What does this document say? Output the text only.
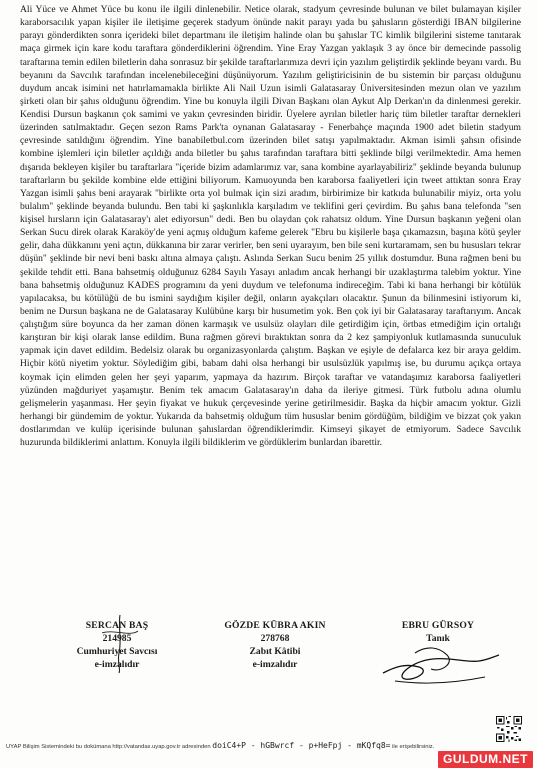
Ali Yüce ve Ahmet Yüce bu konu ile ilgili dinlenebilir. Netice olarak, stadyum çevresinde bulunan ve bilet bulamayan kişiler karaborsacılık yapan kişiler ile iletişime geçerek stadyum önünde nakit parayı yada bu şahısların gösterdiği IBAN bilgilerine parayı gönderdikten sonra içerideki bilet departmanı ile iletişim halinde olan bu şahıslar TC kimlik bilgilerini sisteme tanıtarak maça girmek için kare kodu taraftara gönderdiklerini öğrendim. Yine Eray Yazgan yaklaşık 3 ay önce bir demecinde passolig taraftarına temin edilen biletlerin daha sonrasuz bir şekilde taraftarlarımıza devri için yazılım geliştirdik şeklinde beyanı vardı. Bu beyanını da Savcılık tarafından incelenebileceğini düşünüyorum. Yazılım geliştiricisinin de bu sistemin bir parçası olduğunu duydum ancak isimini net hatırlamamakla birlikte Ali Nail Uzun isimli Galatasaray Üniversitesinden mezun olan ve yazılım şirketi olan bir şahıs olduğunu öğrendim. Yine bu konuyla ilgili Divan Başkanı olan Aykut Alp Derkan'ın da dinlenmesi gerekir. Kendisi Dursun başkanın çok samimi ve yakın çevresinden biridir. Üyelere ayrılan biletler hariç tüm biletler taraftar dernekleri üzerinden satılmaktadır. Geçen sezon Rams Park'ta oynanan Galatasaray - Fenerbahçe maçında 1900 adet biletin stadyum çevresinde satıldığını öğrendim. Yine banabiletbul.com üzerinden bilet satışı yapılmaktadır. Akman isimli şahsın ofisinde kombine işlemleri için biletler açıldığı anda biletler bu şahıs tarafından taraftara bitti şeklinde bilgi verilmektedir. Ama hemen dışarıda bekleyen kişiler bu taraftarlara "içeride bizim adamlarımız var, sana kombine ayarlayabiliriz" şeklinde beyanda bulunup taraftarların bu şekilde kombine elde ettiğini biliyorum. Kamuoyunda ben karaborsa faaliyetleri için tweet attıktan sonra Eray Yazgan isimli şahıs beni arayarak "birlikte orta yol bulmak için sizi aradım, birbirimize bir katkıda bulunabilir miyiz, orta yolu bulalım" şeklinde beyanda bulundu. Ben tabi ki şaşkınlıkla karşıladım ve teklifini geri çevirdim. Bu şahıs bana telefonda "sen kişisel hırsların için Galatasaray'ı alet ediyorsun" dedi. Ben bu olaydan çok rahatsız oldum. Yine Dursun başkanın yeğeni olan Serkan Sucu direk olarak Karaköy'de yeni açmış olduğum kafeme gelerek "Ebru bu kişilerle başa çıkamazsın, başına kötü şeyler gelir, daha dükkanını yeni açtın, dükkanına bir zarar verirler, ben seni uyarayım, ben bile seni kurtaramam, sen bu hususları tekrar düşün" şeklinde bir nevi beni baskı altına almaya çalıştı. Aslında Serkan Sucu benim 25 yıllık dostumdur. Buna rağmen beni bu şekilde tehdit etti. Bana bahsetmiş olduğunuz 6284 Sayılı Yasayı anladım ancak herhangi bir uzaklaştırma talebim yoktur. Yine bana bahsetmiş olduğunuz KADES programını da yeni duydum ve telefonuma indireceğim. Tabi ki bana herhangi bir kötülük yapılacaksa, bu kötülüğü de bu ismini saydığım kişiler değil, onların ayakçıları olacaktır. Şunun da bilinmesini istiyorum ki, benim ne Dursun başkana ne de Galatasaray Kulübüne karşı bir husumetim yok. Ben çok iyi bir Galatasaray taraftarıyım. Ancak çalıştığım süre boyunca da her zaman dönen karmaşık ve usulsüz olayları dile getirdiğim için, örtbas etmediğim için ortalığı karıştıran bir kişi olarak lanse edildim. Buna rağmen görevi bıraktıktan sonra da 2 kez şampiyonluk kutlamasında sunuculuk yapmak için davet edildim. Bedelsiz olarak bu organizasyonlarda çalıştım. Başkan ve eşiyle de defalarca kez bir araya geldim. Hiçbir kötü niyetim yoktur. Söylediğim gibi, babam dahi olsa herhangi bir usulsüzlük yapılmış ise, bu durumu açıkça ortaya koymak için elimden gelen her şeyi yaparım, yapmaya da hazırım. Birçok taraftar ve vatandaşımız karaborsa faaliyetleri yüzünden mağduriyet yaşamıştır. Benim tek amacım Galatasaray'ın daha da ileriye gitmesi. Türk futbolu adına olumlu gelişmelerin yaşanması. Her şeyin fiyakat ve hukuk çerçevesinde yerine getirilmesidir. Başka da hiçbir amacım yoktur. Gizli herhangi bir gündemim de yoktur. Yukarıda da bahsetmiş olduğum tüm hususlar benim gördüğüm, bildiğim ve bizzat çok yakın dostlarımdan ve kulüp içerisinde bulunan şahıslardan öğrendiklerimdir. Kimseyi şikayet de etmiyorum. Sadece Savcılık huzurunda bildiklerimi anlattım. Konuyla ilgili bildiklerim ve gördüklerim bunlardan ibarettir.

SERCAN BAŞ
214985
Cumhuriyet Savcısı
e-imzalıdır
GÖZDE KÜBRA AKIN
278768
Zabıt Kâtibi
e-imzalıdır
EBRU GÜRSOY
Tanık
UYAP Bilişim Sistemindeki bu dokümana http://vatandas.uyap.gov.tr adresinden doiC4+P - hGBwrcf - p+HeFpj - mKQfq8= ile erişebilirsiniz.
GULDUM.NET
